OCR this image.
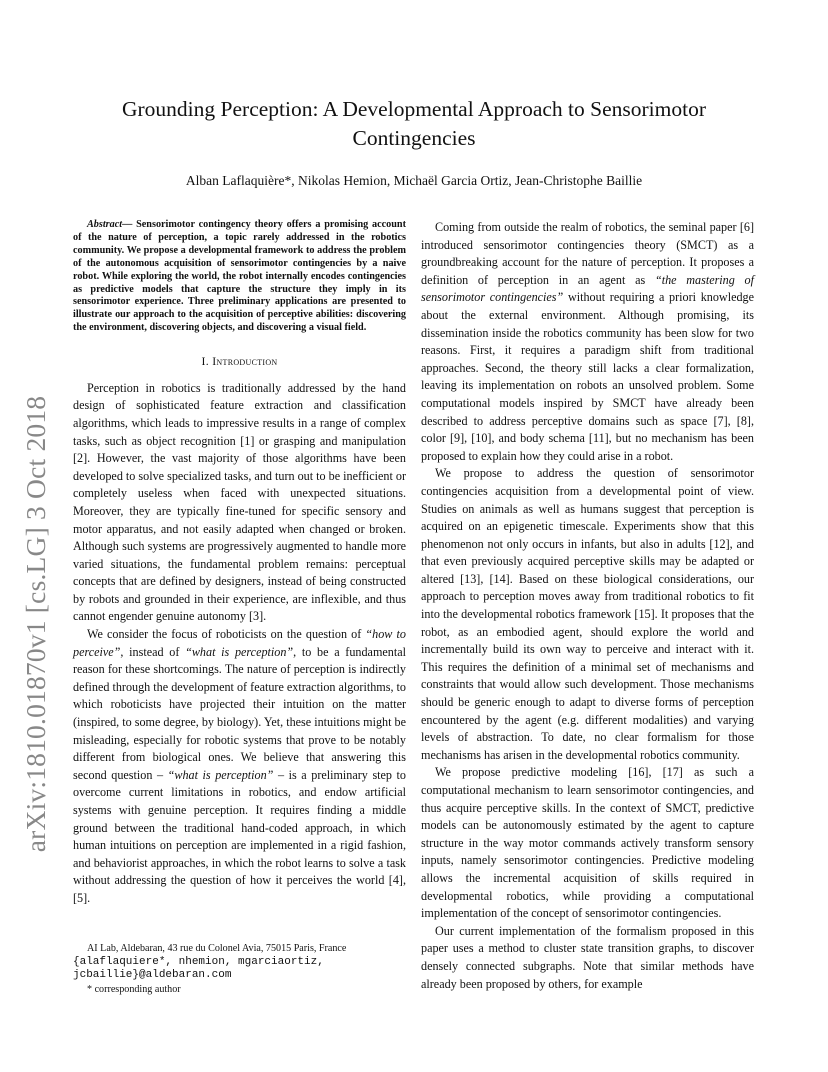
arXiv:1810.01870v1 [cs.LG] 3 Oct 2018
Grounding Perception: A Developmental Approach to Sensorimotor Contingencies
Alban Laflaquière*, Nikolas Hemion, Michaël Garcia Ortiz, Jean-Christophe Baillie

Abstract— Sensorimotor contingency theory offers a promising account of the nature of perception, a topic rarely addressed in the robotics community. We propose a developmental framework to address the problem of the autonomous acquisition of sensorimotor contingencies by a naive robot. While exploring the world, the robot internally encodes contingencies as predictive models that capture the structure they imply in its sensorimotor experience. Three preliminary applications are presented to illustrate our approach to the acquisition of perceptive abilities: discovering the environment, discovering objects, and discovering a visual field.

I. Introduction

Perception in robotics is traditionally addressed by the hand design of sophisticated feature extraction and classification algorithms, which leads to impressive results in a range of complex tasks, such as object recognition [1] or grasping and manipulation [2]. However, the vast majority of those algorithms have been developed to solve specialized tasks, and turn out to be inefficient or completely useless when faced with unexpected situations. Moreover, they are typically fine-tuned for specific sensory and motor apparatus, and not easily adapted when changed or broken. Although such systems are progressively augmented to handle more varied situations, the fundamental problem remains: perceptual concepts that are defined by designers, instead of being constructed by robots and grounded in their experience, are inflexible, and thus cannot engender genuine autonomy [3].

We consider the focus of roboticists on the question of “how to perceive”, instead of “what is perception”, to be a fundamental reason for these shortcomings. The nature of perception is indirectly defined through the development of feature extraction algorithms, to which roboticists have projected their intuition on the matter (inspired, to some degree, by biology). Yet, these intuitions might be misleading, especially for robotic systems that prove to be notably different from biological ones. We believe that answering this second question – “what is perception” – is a preliminary step to overcome current limitations in robotics, and endow artificial systems with genuine perception. It requires finding a middle ground between the traditional hand-coded approach, in which human intuitions on perception are implemented in a rigid fashion, and behaviorist approaches, in which the robot learns to solve a task without addressing the question of how it perceives the world [4], [5].

AI Lab, Aldebaran, 43 rue du Colonel Avia, 75015 Paris, France
{alaflaquiere*, nhemion, mgarciaortiz,
jcbaillie}@aldebaran.com
* corresponding author

Coming from outside the realm of robotics, the seminal paper [6] introduced sensorimotor contingencies theory (SMCT) as a groundbreaking account for the nature of perception. It proposes a definition of perception in an agent as “the mastering of sensorimotor contingencies” without requiring a priori knowledge about the external environment. Although promising, its dissemination inside the robotics community has been slow for two reasons. First, it requires a paradigm shift from traditional approaches. Second, the theory still lacks a clear formalization, leaving its implementation on robots an unsolved problem. Some computational models inspired by SMCT have already been described to address perceptive domains such as space [7], [8], color [9], [10], and body schema [11], but no mechanism has been proposed to explain how they could arise in a robot.

We propose to address the question of sensorimotor contingencies acquisition from a developmental point of view. Studies on animals as well as humans suggest that perception is acquired on an epigenetic timescale. Experiments show that this phenomenon not only occurs in infants, but also in adults [12], and that even previously acquired perceptive skills may be adapted or altered [13], [14]. Based on these biological considerations, our approach to perception moves away from traditional robotics to fit into the developmental robotics framework [15]. It proposes that the robot, as an embodied agent, should explore the world and incrementally build its own way to perceive and interact with it. This requires the definition of a minimal set of mechanisms and constraints that would allow such development. Those mechanisms should be generic enough to adapt to diverse forms of perception encountered by the agent (e.g. different modalities) and varying levels of abstraction. To date, no clear formalism for those mechanisms has arisen in the developmental robotics community.

We propose predictive modeling [16], [17] as such a computational mechanism to learn sensorimotor contingencies, and thus acquire perceptive skills. In the context of SMCT, predictive models can be autonomously estimated by the agent to capture structure in the way motor commands actively transform sensory inputs, namely sensorimotor contingencies. Predictive modeling allows the incremental acquisition of skills required in developmental robotics, while providing a computational implementation of the concept of sensorimotor contingencies.

Our current implementation of the formalism proposed in this paper uses a method to cluster state transition graphs, to discover densely connected subgraphs. Note that similar methods have already been proposed by others, for example
